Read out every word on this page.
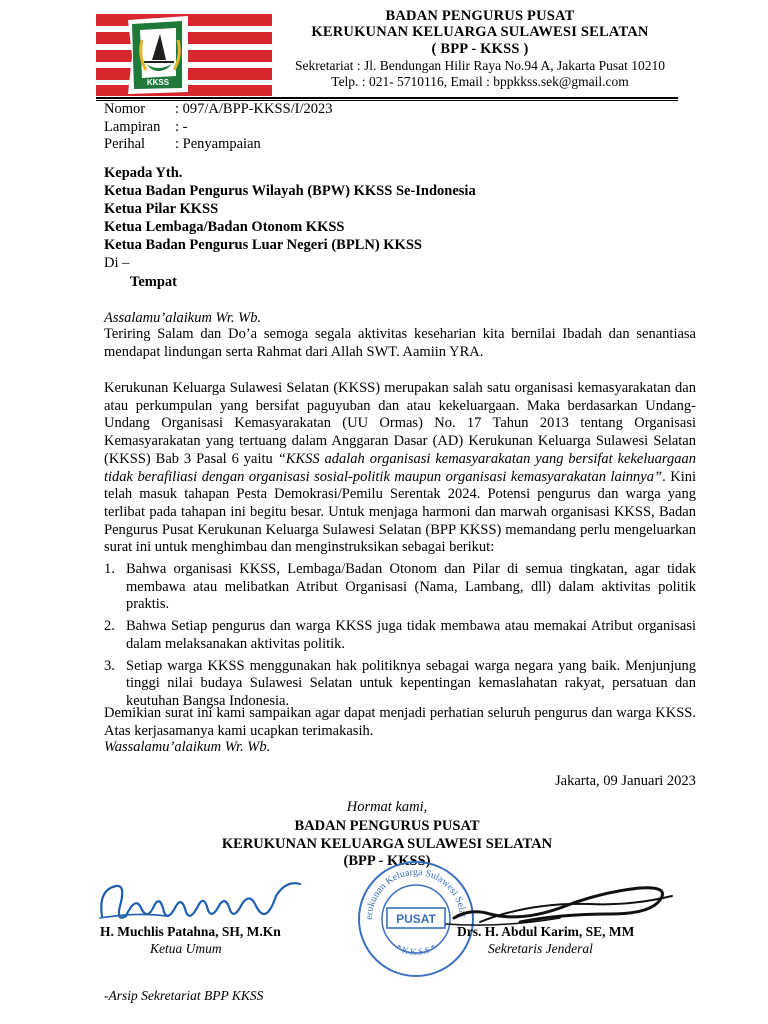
KKSS
BADAN PENGURUS PUSAT
KERUKUNAN KELUARGA SULAWESI SELATAN
( BPP - KKSS )
Sekretariat : Jl. Bendungan Hilir Raya No.94 A, Jakarta Pusat 10210
Telp. : 021- 5710116, Email : bppkkss.sek@gmail.com
Nomor : 097/A/BPP-KKSS/I/2023
Lampiran : -
Perihal : Penyampaian
Kepada Yth.
Ketua Badan Pengurus Wilayah (BPW) KKSS Se-Indonesia
Ketua Pilar KKSS
Ketua Lembaga/Badan Otonom KKSS
Ketua Badan Pengurus Luar Negeri (BPLN) KKSS
Di –
Tempat
Assalamu’alaikum Wr. Wb.

Teriring Salam dan Do’a semoga segala aktivitas keseharian kita bernilai Ibadah dan senantiasa mendapat lindungan serta Rahmat dari Allah SWT. Aamiin YRA.

Kerukunan Keluarga Sulawesi Selatan (KKSS) merupakan salah satu organisasi kemasyarakatan dan atau perkumpulan yang bersifat paguyuban dan atau kekeluargaan. Maka berdasarkan Undang-Undang Organisasi Kemasyarakatan (UU Ormas) No. 17 Tahun 2013 tentang Organisasi Kemasyarakatan yang tertuang dalam Anggaran Dasar (AD) Kerukunan Keluarga Sulawesi Selatan (KKSS) Bab 3 Pasal 6 yaitu “KKSS adalah organisasi kemasyarakatan yang bersifat kekeluargaan tidak berafiliasi dengan organisasi sosial-politik maupun organisasi kemasyarakatan lainnya”. Kini telah masuk tahapan Pesta Demokrasi/Pemilu Serentak 2024. Potensi pengurus dan warga yang terlibat pada tahapan ini begitu besar. Untuk menjaga harmoni dan marwah organisasi KKSS, Badan Pengurus Pusat Kerukunan Keluarga Sulawesi Selatan (BPP KKSS) memandang perlu mengeluarkan surat ini untuk menghimbau dan menginstruksikan sebagai berikut:

1. Bahwa organisasi KKSS, Lembaga/Badan Otonom dan Pilar di semua tingkatan, agar tidak membawa atau melibatkan Atribut Organisasi (Nama, Lambang, dll) dalam aktivitas politik praktis.
2. Bahwa Setiap pengurus dan warga KKSS juga tidak membawa atau memakai Atribut organisasi dalam melaksanakan aktivitas politik.
3. Setiap warga KKSS menggunakan hak politiknya sebagai warga negara yang baik. Menjunjung tinggi nilai budaya Sulawesi Selatan untuk kepentingan kemaslahatan rakyat, persatuan dan keutuhan Bangsa Indonesia.

Demikian surat ini kami sampaikan agar dapat menjadi perhatian seluruh pengurus dan warga KKSS. Atas kerjasamanya kami ucapkan terimakasih.

Wassalamu’alaikum Wr. Wb.
Jakarta, 09 Januari 2023
Hormat kami,
BADAN PENGURUS PUSAT
KERUKUNAN KELUARGA SULAWESI SELATAN
(BPP - KKSS)
erukunan Keluarga Sulawesi Selat
PUSAT
* K.K.S.S *
H. Muchlis Patahna, SH, M.Kn
Ketua Umum
Drs. H. Abdul Karim, SE, MM
Sekretaris Jenderal
-Arsip Sekretariat BPP KKSS
